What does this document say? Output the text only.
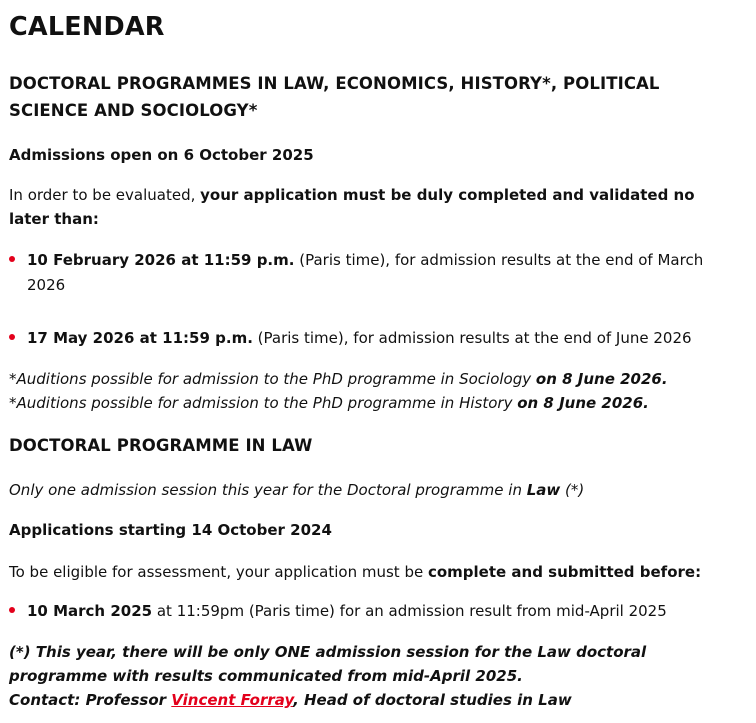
CALENDAR
DOCTORAL PROGRAMMES IN LAW, ECONOMICS, HISTORY*, POLITICAL
SCIENCE AND SOCIOLOGY*
Admissions open on 6 October 2025
In order to be evaluated, your application must be duly completed and validated no
later than:
10 February 2026 at 11:59 p.m. (Paris time), for admission results at the end of March
2026
17 May 2026 at 11:59 p.m. (Paris time), for admission results at the end of June 2026
*Auditions possible for admission to the PhD programme in Sociology on 8 June 2026.
*Auditions possible for admission to the PhD programme in History on 8 June 2026.
DOCTORAL PROGRAMME IN LAW
Only one admission session this year for the Doctoral programme in Law (*)
Applications starting 14 October 2024
To be eligible for assessment, your application must be complete and submitted before:
10 March 2025 at 11:59pm (Paris time) for an admission result from mid-April 2025
(*) This year, there will be only ONE admission session for the Law doctoral
programme with results communicated from mid-April 2025.
Contact: Professor Vincent Forray, Head of doctoral studies in Law
